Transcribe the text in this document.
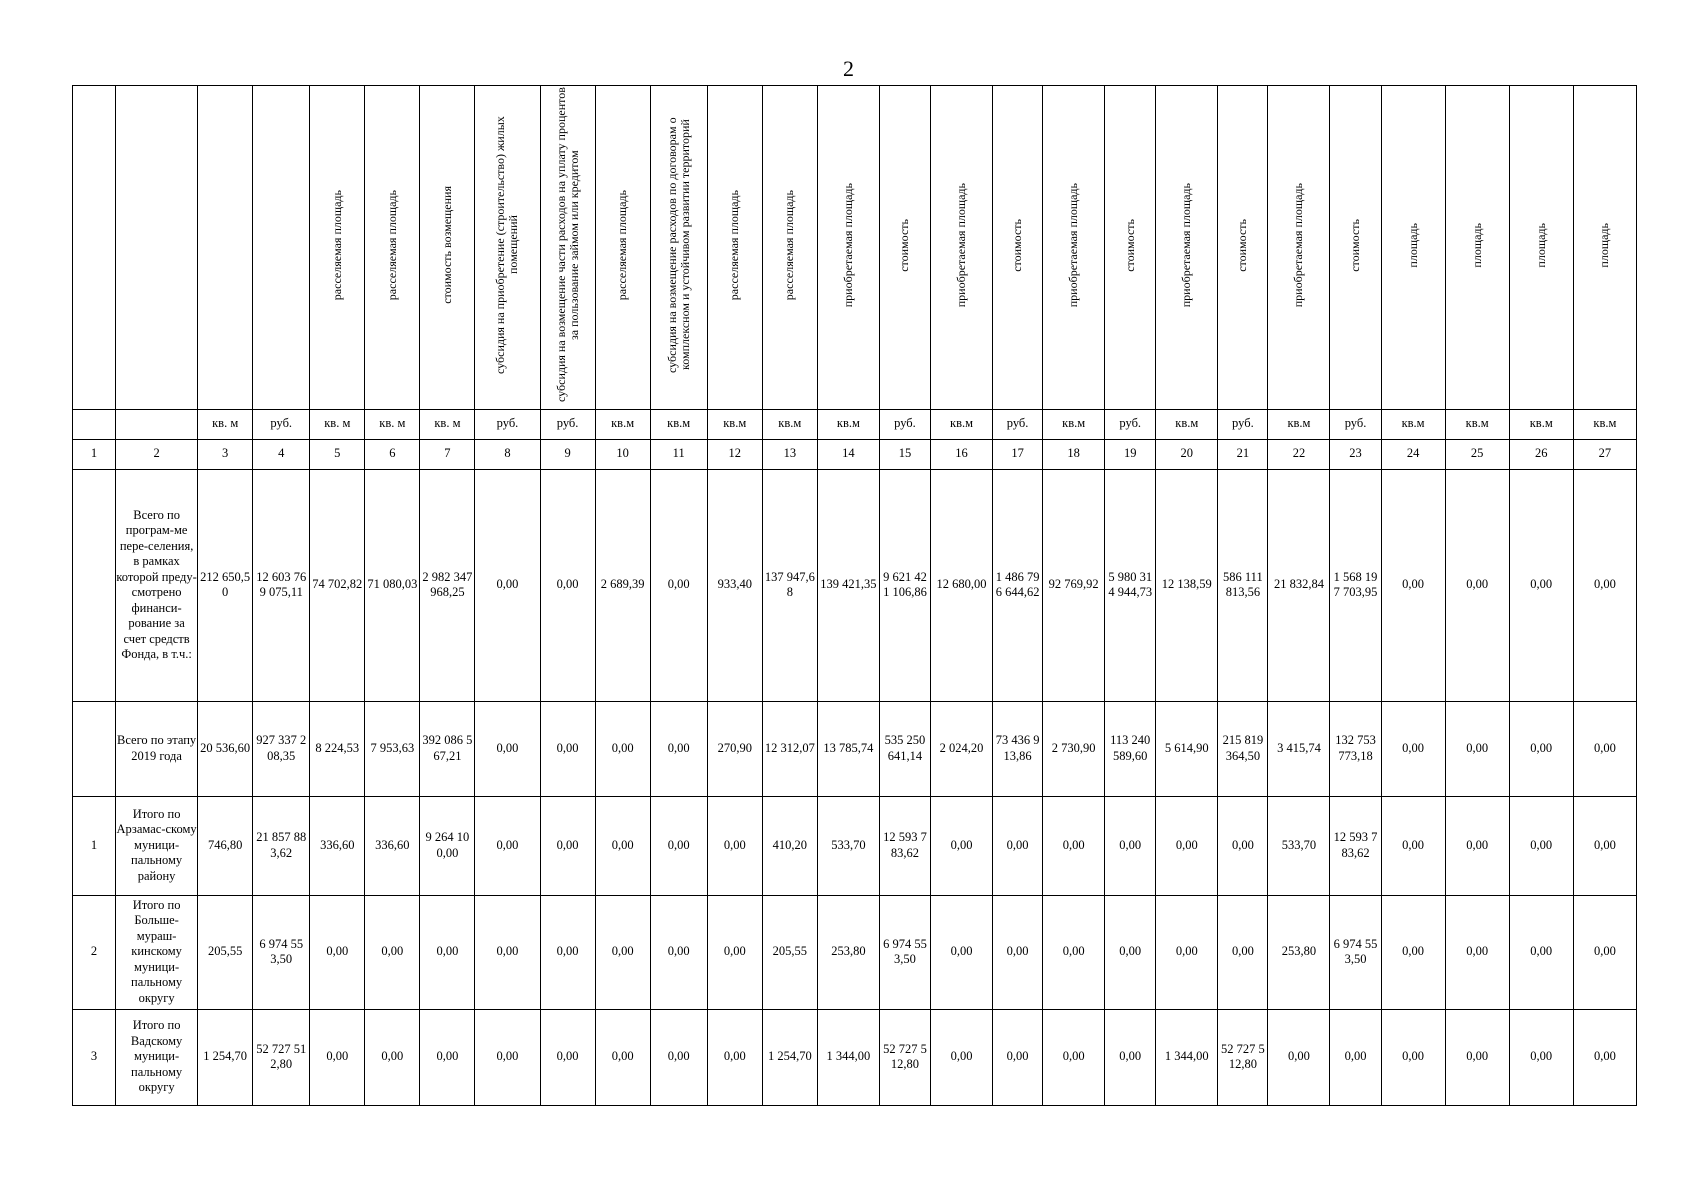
2
				расселяемая площадь	расселяемая площадь	стоимость возмещения	субсидия на приобретение (строительство) жилых помещений	субсидия на возмещение части расходов на уплату процентов за пользование займом или кредитом	расселяемая площадь	субсидия на возмещение расходов по договорам о комплексном и устойчивом развитии территорий	расселяемая площадь	расселяемая площадь	приобретаемая площадь	стоимость	приобретаемая площадь	стоимость	приобретаемая площадь	стоимость	приобретаемая площадь	стоимость	приобретаемая площадь	стоимость	площадь	площадь	площадь	площадь
		кв. м	руб.	кв. м	кв. м	кв. м	руб.	руб.	кв.м	кв.м	кв.м	кв.м	кв.м	руб.	кв.м	руб.	кв.м	руб.	кв.м	руб.	кв.м	руб.	кв.м	кв.м	кв.м	кв.м
1	2	3	4	5	6	7	8	9	10	11	12	13	14	15	16	17	18	19	20	21	22	23	24	25	26	27
	Всего по програм-ме пере-селения, в рамках которой преду-смотрено финанси-рование за счет средств Фонда, в т.ч.:	212 650,50	12 603 769 075,11	74 702,82	71 080,03	2 982 347 968,25	0,00	0,00	2 689,39	0,00	933,40	137 947,68	139 421,35	9 621 421 106,86	12 680,00	1 486 796 644,62	92 769,92	5 980 314 944,73	12 138,59	586 111 813,56	21 832,84	1 568 197 703,95	0,00	0,00	0,00	0,00
	Всего по этапу 2019 года	20 536,60	927 337 208,35	8 224,53	7 953,63	392 086 567,21	0,00	0,00	0,00	0,00	270,90	12 312,07	13 785,74	535 250 641,14	2 024,20	73 436 913,86	2 730,90	113 240 589,60	5 614,90	215 819 364,50	3 415,74	132 753 773,18	0,00	0,00	0,00	0,00
1	Итого по Арзамас-скому муници-пальному району	746,80	21 857 883,62	336,60	336,60	9 264 100,00	0,00	0,00	0,00	0,00	0,00	410,20	533,70	12 593 783,62	0,00	0,00	0,00	0,00	0,00	0,00	533,70	12 593 783,62	0,00	0,00	0,00	0,00
2	Итого по Больше-мураш-кинскому муници-пальному округу	205,55	6 974 553,50	0,00	0,00	0,00	0,00	0,00	0,00	0,00	0,00	205,55	253,80	6 974 553,50	0,00	0,00	0,00	0,00	0,00	0,00	253,80	6 974 553,50	0,00	0,00	0,00	0,00
3	Итого по Вадскому муници-пальному округу	1 254,70	52 727 512,80	0,00	0,00	0,00	0,00	0,00	0,00	0,00	0,00	1 254,70	1 344,00	52 727 512,80	0,00	0,00	0,00	0,00	1 344,00	52 727 512,80	0,00	0,00	0,00	0,00	0,00	0,00
